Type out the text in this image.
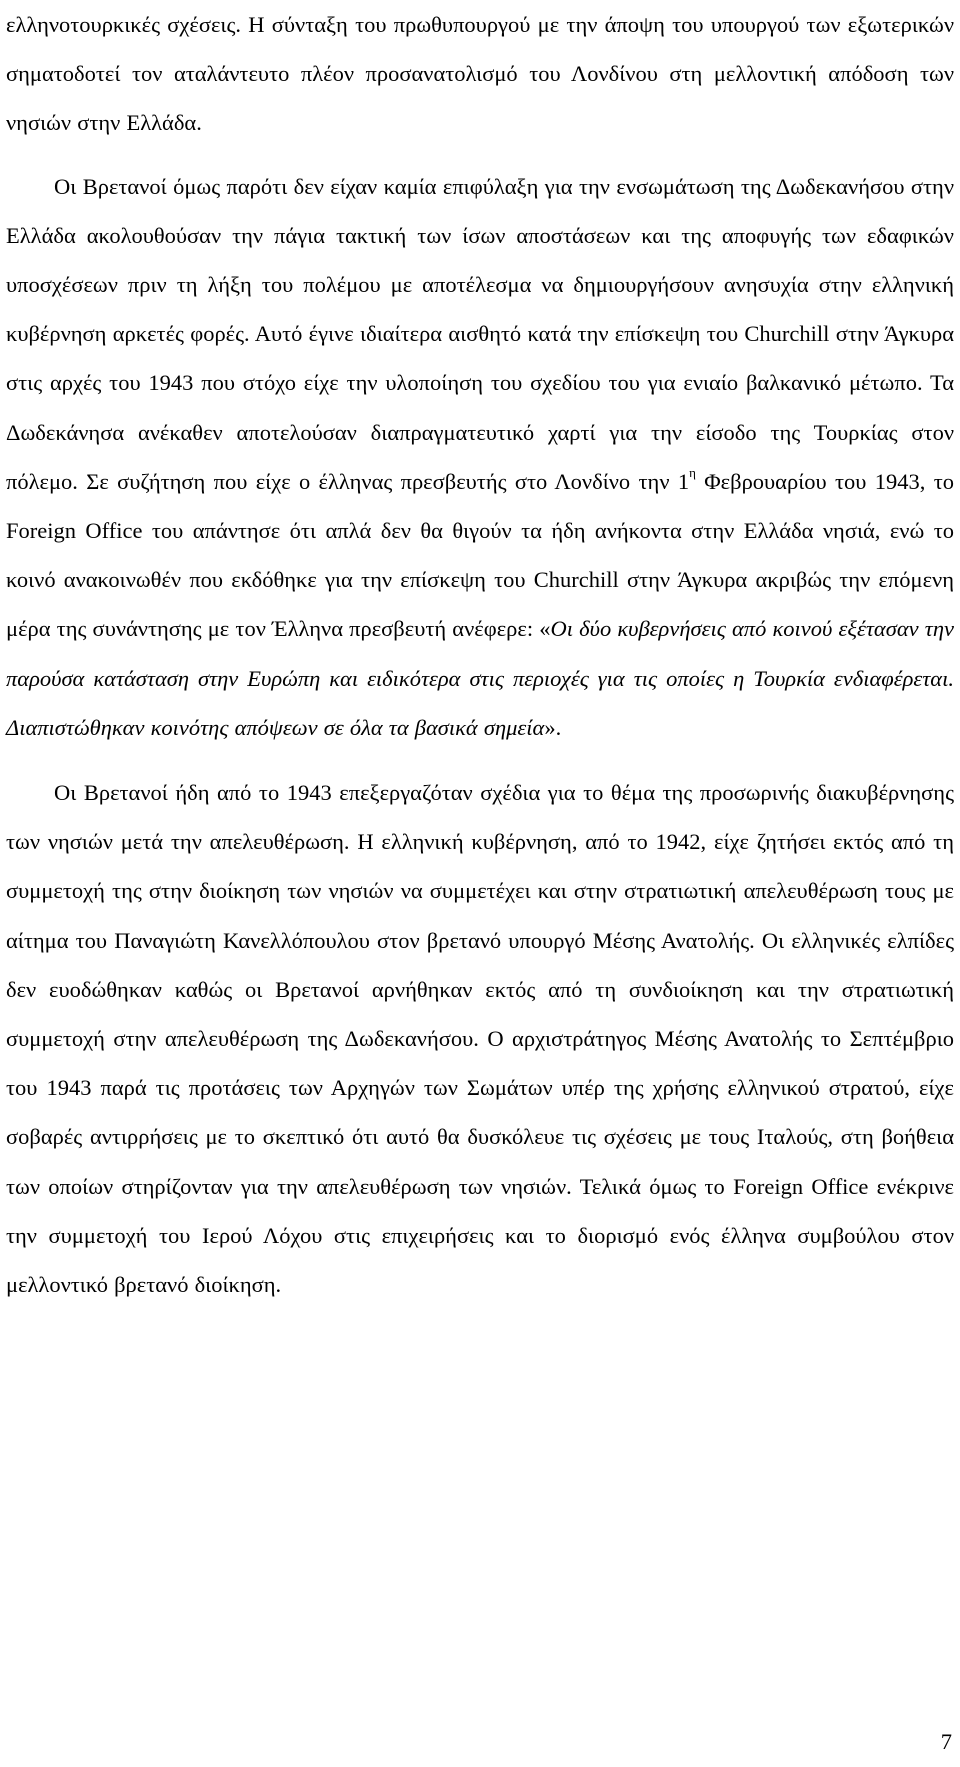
ελληνοτουρκικές σχέσεις. Η σύνταξη του πρωθυπουργού με την άποψη του υπουργού των εξωτερικών σηματοδοτεί τον αταλάντευτο πλέον προσανατολισμό του Λονδίνου στη μελλοντική απόδοση των νησιών στην Ελλάδα.

Οι Βρετανοί όμως παρότι δεν είχαν καμία επιφύλαξη για την ενσωμάτωση της Δωδεκανήσου στην Ελλάδα ακολουθούσαν την πάγια τακτική των ίσων αποστάσεων και της αποφυγής των εδαφικών υποσχέσεων πριν τη λήξη του πολέμου με αποτέλεσμα να δημιουργήσουν ανησυχία στην ελληνική κυβέρνηση αρκετές φορές. Αυτό έγινε ιδιαίτερα αισθητό κατά την επίσκεψη του Churchill στην Άγκυρα στις αρχές του 1943 που στόχο είχε την υλοποίηση του σχεδίου του για ενιαίο βαλκανικό μέτωπο. Τα Δωδεκάνησα ανέκαθεν αποτελούσαν διαπραγματευτικό χαρτί για την είσοδο της Τουρκίας στον πόλεμο. Σε συζήτηση που είχε ο έλληνας πρεσβευτής στο Λονδίνο την $1^\eta$ Φεβρουαρίου του 1943, το Foreign Office του απάντησε ότι απλά δεν θα θιγούν τα ήδη ανήκοντα στην Ελλάδα νησιά, ενώ το κοινό ανακοινωθέν που εκδόθηκε για την επίσκεψη του Churchill στην Άγκυρα ακριβώς την επόμενη μέρα της συνάντησης με τον Έλληνα πρεσβευτή ανέφερε: «Οι δύο κυβερνήσεις από κοινού εξέτασαν την παρούσα κατάσταση στην Ευρώπη και ειδικότερα στις περιοχές για τις οποίες η Τουρκία ενδιαφέρεται. Διαπιστώθηκαν κοινότης απόψεων σε όλα τα βασικά σημεία».

Οι Βρετανοί ήδη από το 1943 επεξεργαζόταν σχέδια για το θέμα της προσωρινής διακυβέρνησης των νησιών μετά την απελευθέρωση. Η ελληνική κυβέρνηση, από το 1942, είχε ζητήσει εκτός από τη συμμετοχή της στην διοίκηση των νησιών να συμμετέχει και στην στρατιωτική απελευθέρωση τους με αίτημα του Παναγιώτη Κανελλόπουλου στον βρετανό υπουργό Μέσης Ανατολής. Οι ελληνικές ελπίδες δεν ευοδώθηκαν καθώς οι Βρετανοί αρνήθηκαν εκτός από τη συνδιοίκηση και την στρατιωτική συμμετοχή στην απελευθέρωση της Δωδεκανήσου. Ο αρχιστράτηγος Μέσης Ανατολής το Σεπτέμβριο του 1943 παρά τις προτάσεις των Αρχηγών των Σωμάτων υπέρ της χρήσης ελληνικού στρατού, είχε σοβαρές αντιρρήσεις με το σκεπτικό ότι αυτό θα δυσκόλευε τις σχέσεις με τους Ιταλούς, στη βοήθεια των οποίων στηρίζονταν για την απελευθέρωση των νησιών. Τελικά όμως το Foreign Office ενέκρινε την συμμετοχή του Ιερού Λόχου στις επιχειρήσεις και το διορισμό ενός έλληνα συμβούλου στον μελλοντικό βρετανό διοίκηση.

7
